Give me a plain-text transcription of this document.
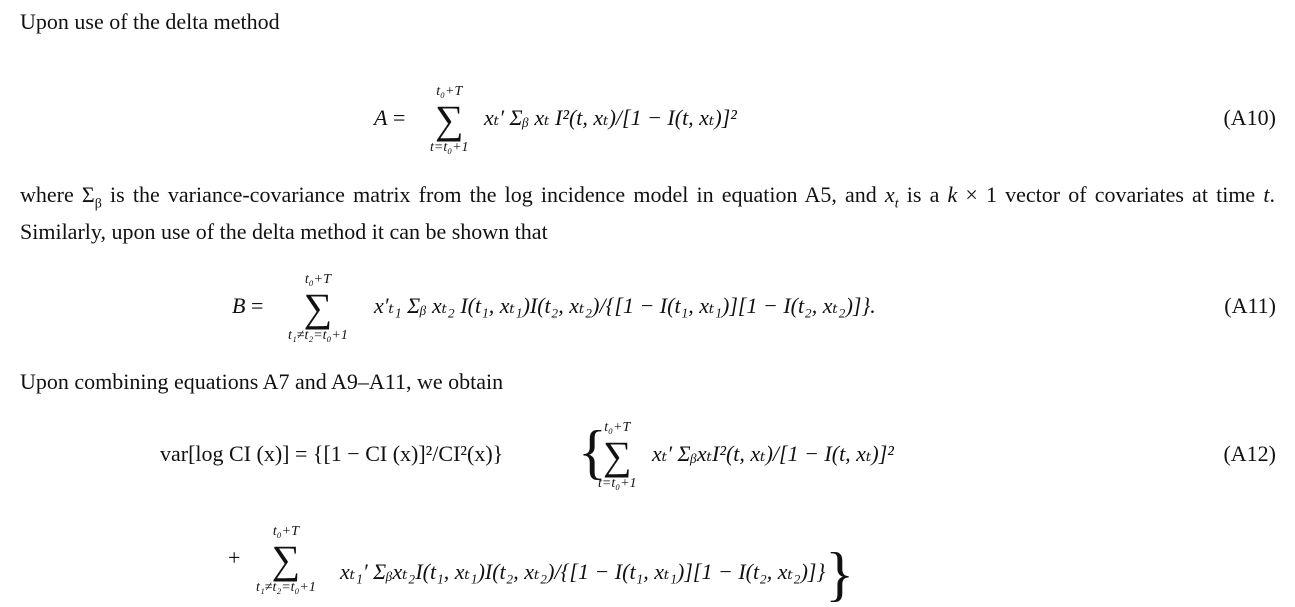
Upon use of the delta method
A =
t₀+T
∑
t=t₀+1
xₜ′ Σᵦ xₜ I²(t, xₜ)/[1 − I(t, xₜ)]²	(A10)
where $\Sigma_\beta$ is the variance-covariance matrix from the log incidence model in equation A5, and $x_t$ is a k × 1 vector of covariates at time t. Similarly, upon use of the delta method it can be shown that
B =
t₀+T
∑
t₁≠t₂=t₀+1
x′ₜ₁ Σᵦ xₜ₂ I(t₁, xₜ₁)I(t₂, xₜ₂)/{[1 − I(t₁, xₜ₁)][1 − I(t₂, xₜ₂)]}.	(A11)
Upon combining equations A7 and A9–A11, we obtain
var[log CI (x)] = {[1 − CI (x)]²/CI²(x)} {
t₀+T
∑
t=t₀+1
xₜ′ ΣᵦxₜI²(t, xₜ)/[1 − I(t, xₜ)]²	(A12)
+
t₀+T
∑
t₁≠t₂=t₀+1
xₜ₁′ Σᵦxₜ₂I(t₁, xₜ₁)I(t₂, xₜ₂)/{[1 − I(t₁, xₜ₁)][1 − I(t₂, xₜ₂)]}}
